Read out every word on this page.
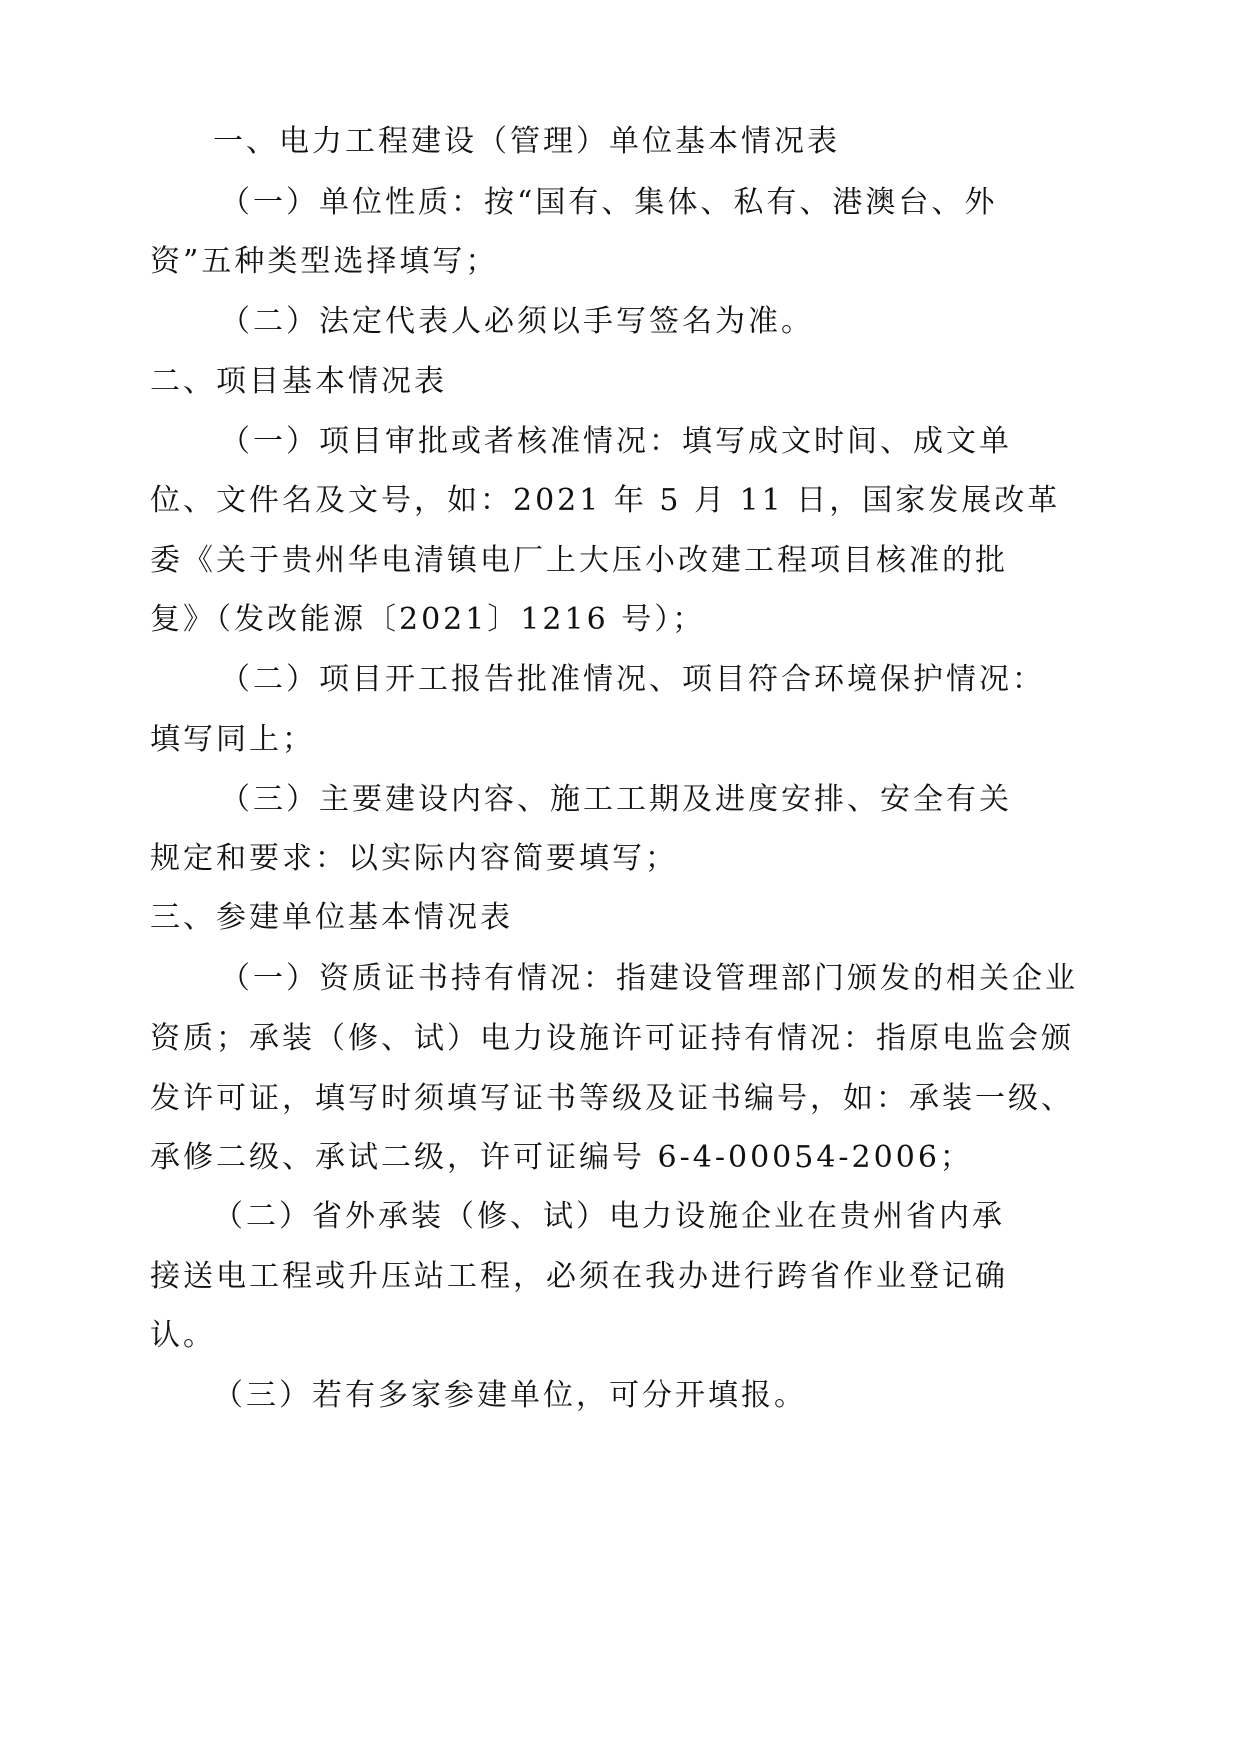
一、电力工程建设（管理）单位基本情况表

（一）单位性质：按“国有、集体、私有、港澳台、外

资”五种类型选择填写；

（二）法定代表人必须以手写签名为准。

二、项目基本情况表

（一）项目审批或者核准情况：填写成文时间、成文单

位、文件名及文号，如：2021 年 5 月 11 日，国家发展改革

委《关于贵州华电清镇电厂上大压小改建工程项目核准的批

复》（发改能源〔2021〕1216 号）；

（二）项目开工报告批准情况、项目符合环境保护情况：

填写同上；

（三）主要建设内容、施工工期及进度安排、安全有关

规定和要求：以实际内容简要填写；

三、参建单位基本情况表

（一）资质证书持有情况：指建设管理部门颁发的相关企业

资质；承装（修、试）电力设施许可证持有情况：指原电监会颁

发许可证，填写时须填写证书等级及证书编号，如：承装一级、

承修二级、承试二级，许可证编号 6-4-00054-2006；

（二）省外承装（修、试）电力设施企业在贵州省内承

接送电工程或升压站工程，必须在我办进行跨省作业登记确

认。

（三）若有多家参建单位，可分开填报。
